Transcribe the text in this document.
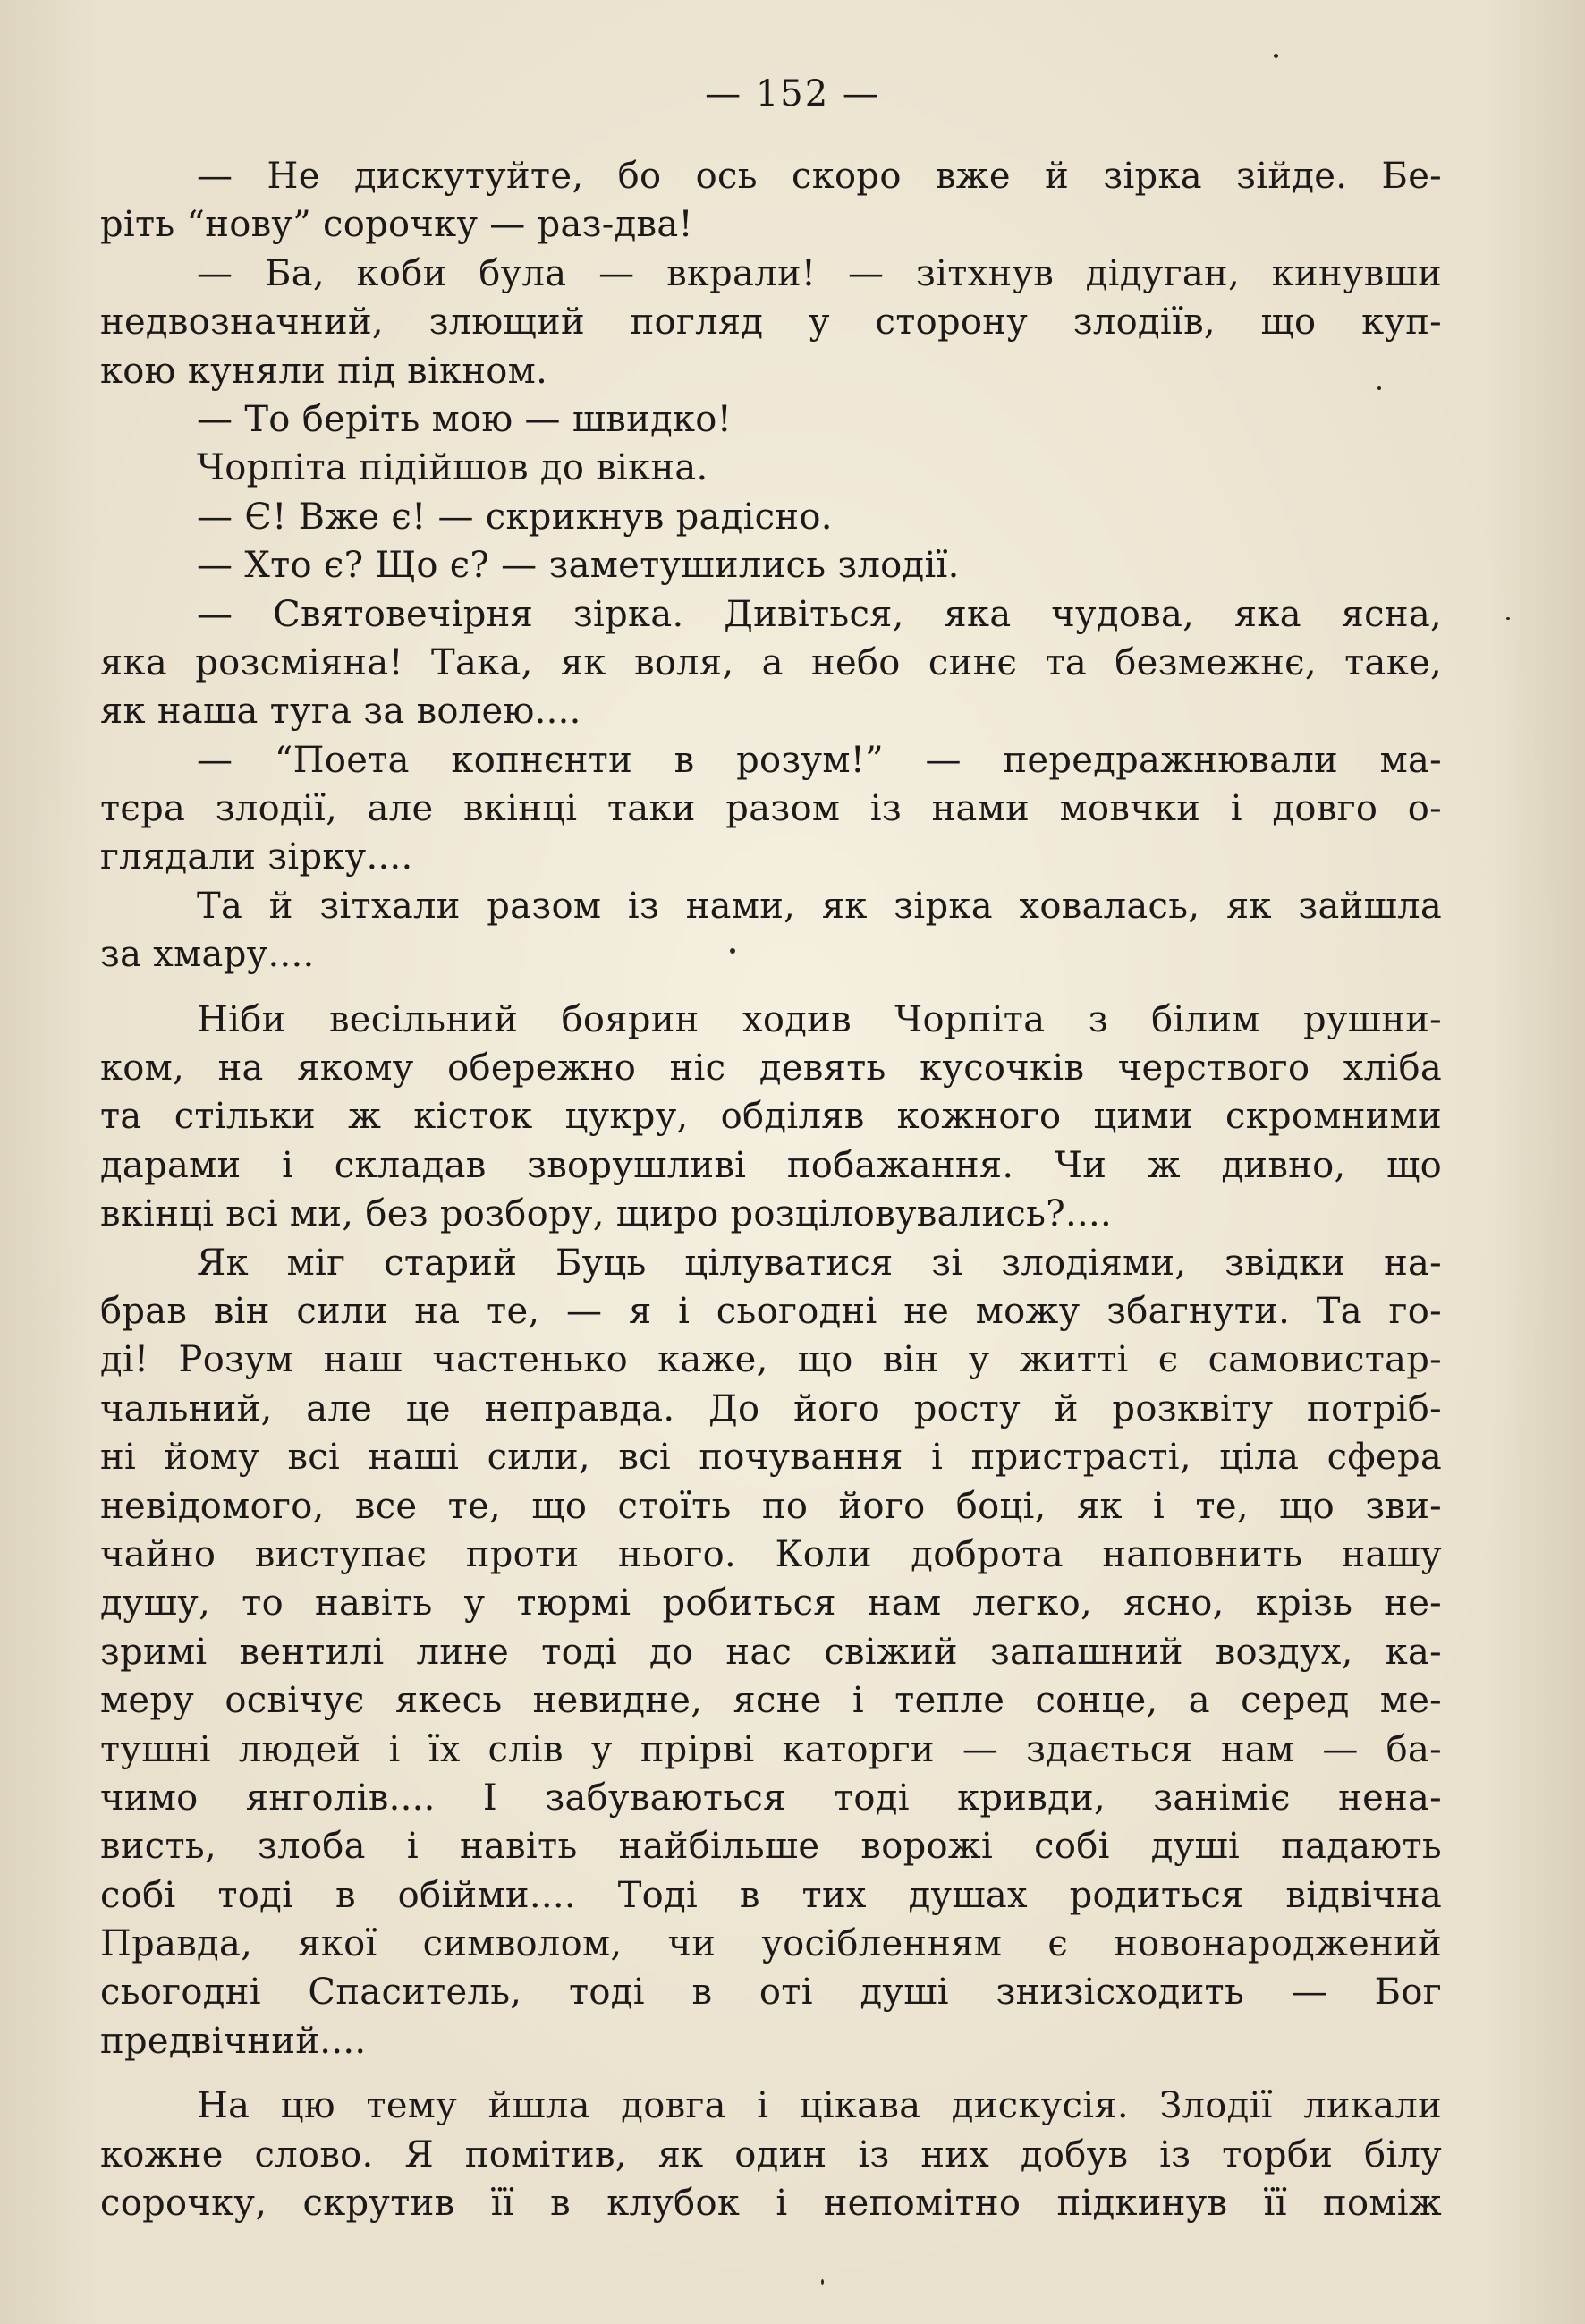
— 152 —
— Не дискутуйте, бо ось скоро вже й зірка зійде. Бе-
ріть “нову” сорочку — раз-два!
— Ба, коби була — вкрали! — зітхнув дідуган, кинувши
недвозначний, злющий погляд у сторону злодіїв, що куп-
кою куняли під вікном.
— То беріть мою — швидко!
Чорпіта підійшов до вікна.
— Є! Вже є! — скрикнув радісно.
— Хто є? Що є? — заметушились злодії.
— Святовечірня зірка. Дивіться, яка чудова, яка ясна,
яка розсміяна! Така, як воля, а небо синє та безмежнє, таке,
як наша туга за волею....
— “Поета копнєнти в розум!” — передражнювали ма-
тєра злодії, але вкінці таки разом із нами мовчки і довго о-
глядали зірку....
Та й зітхали разом із нами, як зірка ховалась, як зайшла
за хмару....
Ніби весільний боярин ходив Чорпіта з білим рушни-
ком, на якому обережно ніс девять кусочків черствого хліба
та стільки ж кісток цукру, обділяв кожного цими скромними
дарами і складав зворушливі побажання. Чи ж дивно, що
вкінці всі ми, без розбору, щиро розціловувались?....
Як міг старий Буць цілуватися зі злодіями, звідки на-
брав він сили на те, — я і сьогодні не можу збагнути. Та го-
ді! Розум наш частенько каже, що він у житті є самовистар-
чальний, але це неправда. До його росту й розквіту потріб-
ні йому всі наші сили, всі почування і пристрасті, ціла сфера
невідомого, все те, що стоїть по його боці, як і те, що зви-
чайно виступає проти нього. Коли доброта наповнить нашу
душу, то навіть у тюрмі робиться нам легко, ясно, крізь не-
зримі вентилі лине тоді до нас свіжий запашний воздух, ка-
меру освічує якесь невидне, ясне і тепле сонце, а серед ме-
тушні людей і їх слів у прірві каторги — здається нам — ба-
чимо янголів.... І забуваються тоді кривди, заніміє нена-
висть, злоба і навіть найбільше ворожі собі душі падають
собі тоді в обійми.... Тоді в тих душах родиться відвічна
Правда, якої символом, чи уосібленням є новонароджений
сьогодні Спаситель, тоді в оті душі знизісходить — Бог
предвічний....
На цю тему йшла довга і цікава дискусія. Злодії ликали
кожне слово. Я помітив, як один із них добув із торби білу
сорочку, скрутив її в клубок і непомітно підкинув її поміж
